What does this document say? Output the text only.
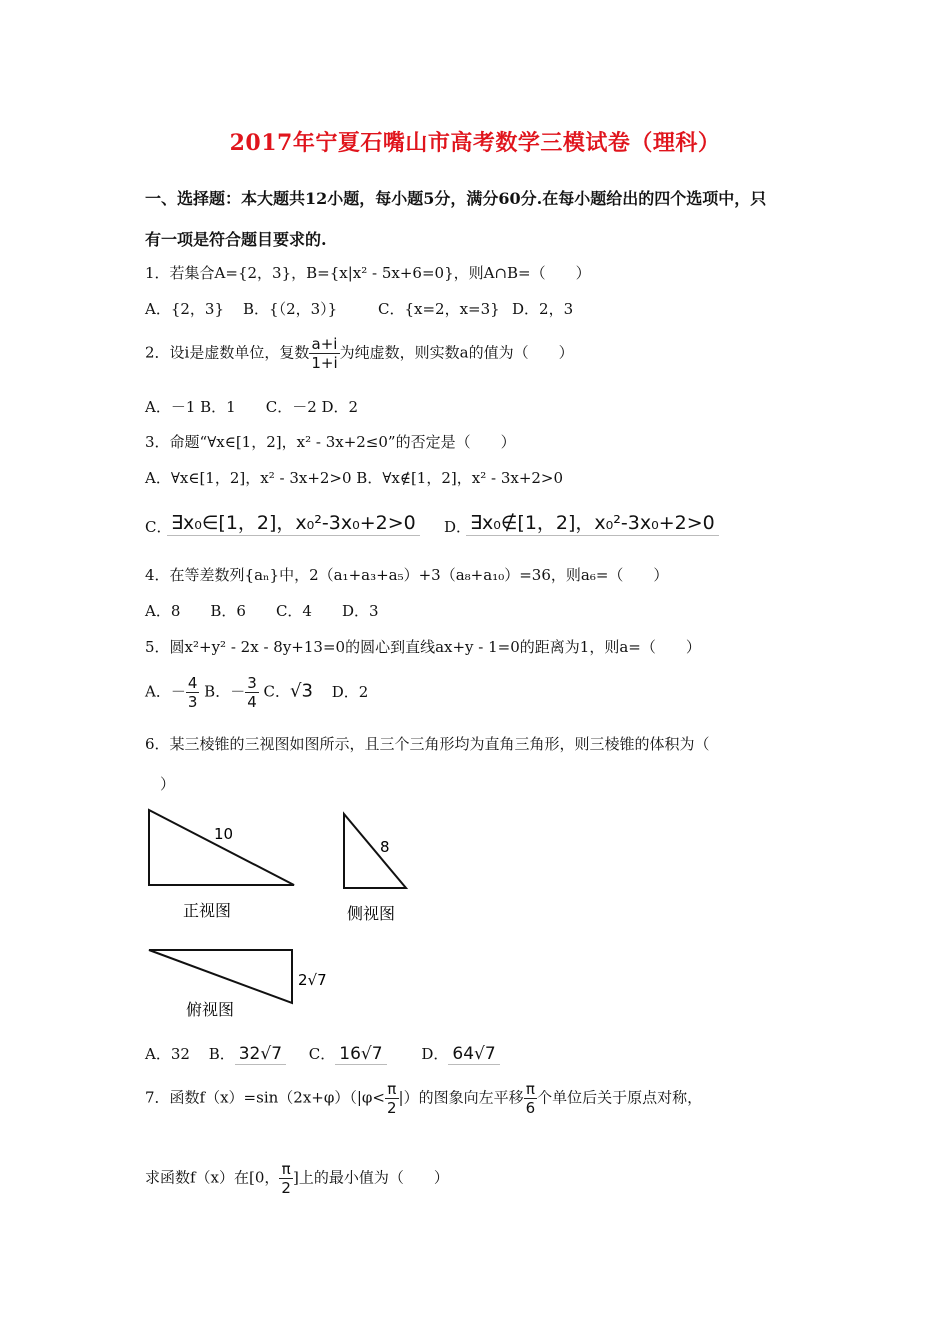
2017年宁夏石嘴山市高考数学三模试卷（理科）
一、选择题：本大题共12小题，每小题5分，满分60分.在每小题给出的四个选项中，只
有一项是符合题目要求的.
1．若集合A={2，3}，B={x|x² - 5x+6=0}，则A∩B=（　　）
A．{2，3} B．{（2，3）}	C．{x=2，x=3} D．2，3
2．设i是虚数单位，复数 $\frac{a+i}{1+i}$ 为纯虚数，则实数a的值为（　　）
A．－1 B．1　　C．－2 D．2
3．命题“∀x∈[1，2]，x² - 3x+2≤0”的否定是（　　）
A．∀x∈[1，2]，x² - 3x+2>0 B．∀x∉[1，2]，x² - 3x+2>0
C． ∃x₀∈[1，2]，x₀²-3x₀+2>0 D．
∃x₀∉[1，2]，x₀²-3x₀+2>0
4．在等差数列{aₙ}中，2（a₁+a₃+a₅）+3（a₈+a₁₀）=36，则a₆=（　　）
A．8　　B．6　　C．4　　D．3
5．圆x²+y² - 2x - 8y+13=0的圆心到直线ax+y - 1=0的距离为1，则a=（　　）
A．－ $\frac{4}{3}$ B．－ $\frac{3}{4}$ C．√3 D．2
6．某三棱锥的三视图如图所示，且三个三角形均为直角三角形，则三棱锥的体积为（
）
10
正视图
8
侧视图
2√7
俯视图
A．32 B． 32√7 C． 16√7	D． 64√7
7．函数$f(x)=\sin(2x+\varphi)(|\varphi< \frac{\pi}{2}$ |）的图象向左平移 $\frac{\pi}{6}$ 个单位后关于原点对称，
求函数f（x）在[0， $\frac{\pi}{2}$ ]上的最小值为（　　）
